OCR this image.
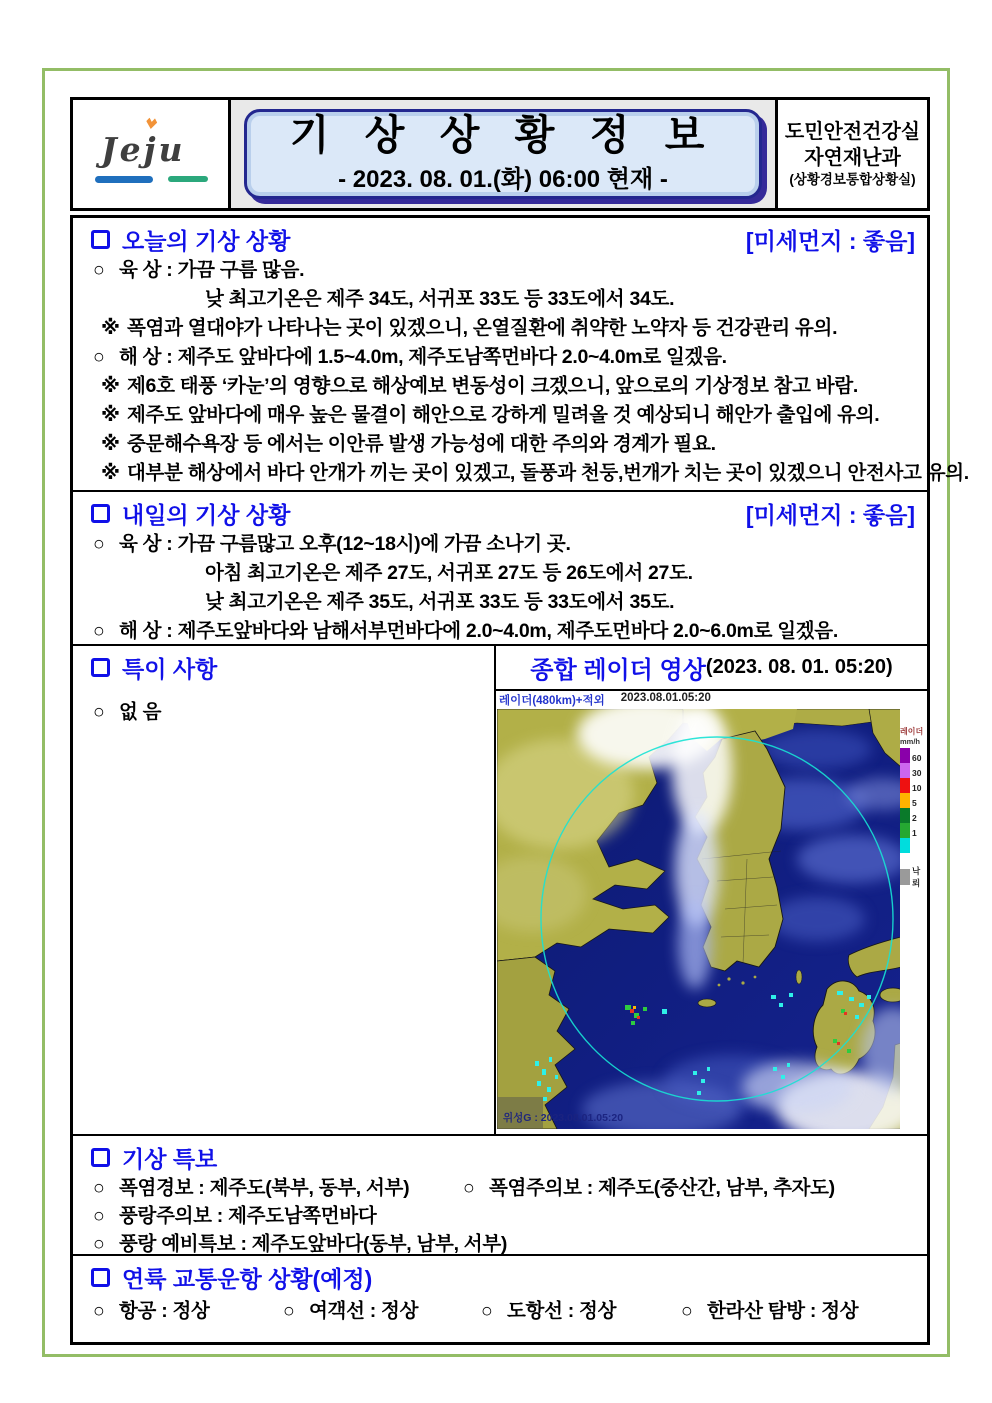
Jeju	기 상 상 황 정 보
- 2023. 08. 01.(화) 06:00 현재 -
도민안전건강실
자연재난과
(상황경보통합상황실)
오늘의 기상 상황	[미세먼지 : 좋음]
○ 육 상 : 가끔 구름 많음.
낮 최고기온은 제주 34도, 서귀포 33도 등 33도에서 34도.
※ 폭염과 열대야가 나타나는 곳이 있겠으니, 온열질환에 취약한 노약자 등 건강관리 유의.
○ 해 상 : 제주도 앞바다에 1.5~4.0m, 제주도남쪽먼바다 2.0~4.0m로 일겠음.
※ 제6호 태풍 ‘카눈’의 영향으로 해상예보 변동성이 크겠으니, 앞으로의 기상정보 참고 바람.
※ 제주도 앞바다에 매우 높은 물결이 해안으로 강하게 밀려올 것 예상되니 해안가 출입에 유의.
※ 중문해수욕장 등 에서는 이안류 발생 가능성에 대한 주의와 경계가 필요.
※ 대부분 해상에서 바다 안개가 끼는 곳이 있겠고, 돌풍과 천둥,번개가 치는 곳이 있겠으니 안전사고 유의.
내일의 기상 상황	[미세먼지 : 좋음]
○ 육 상 : 가끔 구름많고 오후(12~18시)에 가끔 소나기 곳.
아침 최고기온은 제주 27도, 서귀포 27도 등 26도에서 27도.
낮 최고기온은 제주 35도, 서귀포 33도 등 33도에서 35도.
○ 해 상 : 제주도앞바다와 남해서부먼바다에 2.0~4.0m, 제주도먼바다 2.0~6.0m로 일겠음.
특이 사항
○ 없 음
종합 레이더 영상 (2023. 08. 01. 05:20)
레이더(480km)+적외 2023.08.01.05:20
위성G : 2023.08.01.05:20
레이더
mm/h
60
30
10
5
2
1
낙뢰
기상 특보
○ 폭염경보 : 제주도(북부, 동부, 서부)	○ 폭염주의보 : 제주도(중산간, 남부, 추자도)
○ 풍랑주의보 : 제주도남쪽먼바다
○ 풍랑 예비특보 : 제주도앞바다(동부, 남부, 서부)
연륙 교통운항 상황(예정)
○ 항공 : 정상	○ 여객선 : 정상	○ 도항선 : 정상	○ 한라산 탐방 : 정상
